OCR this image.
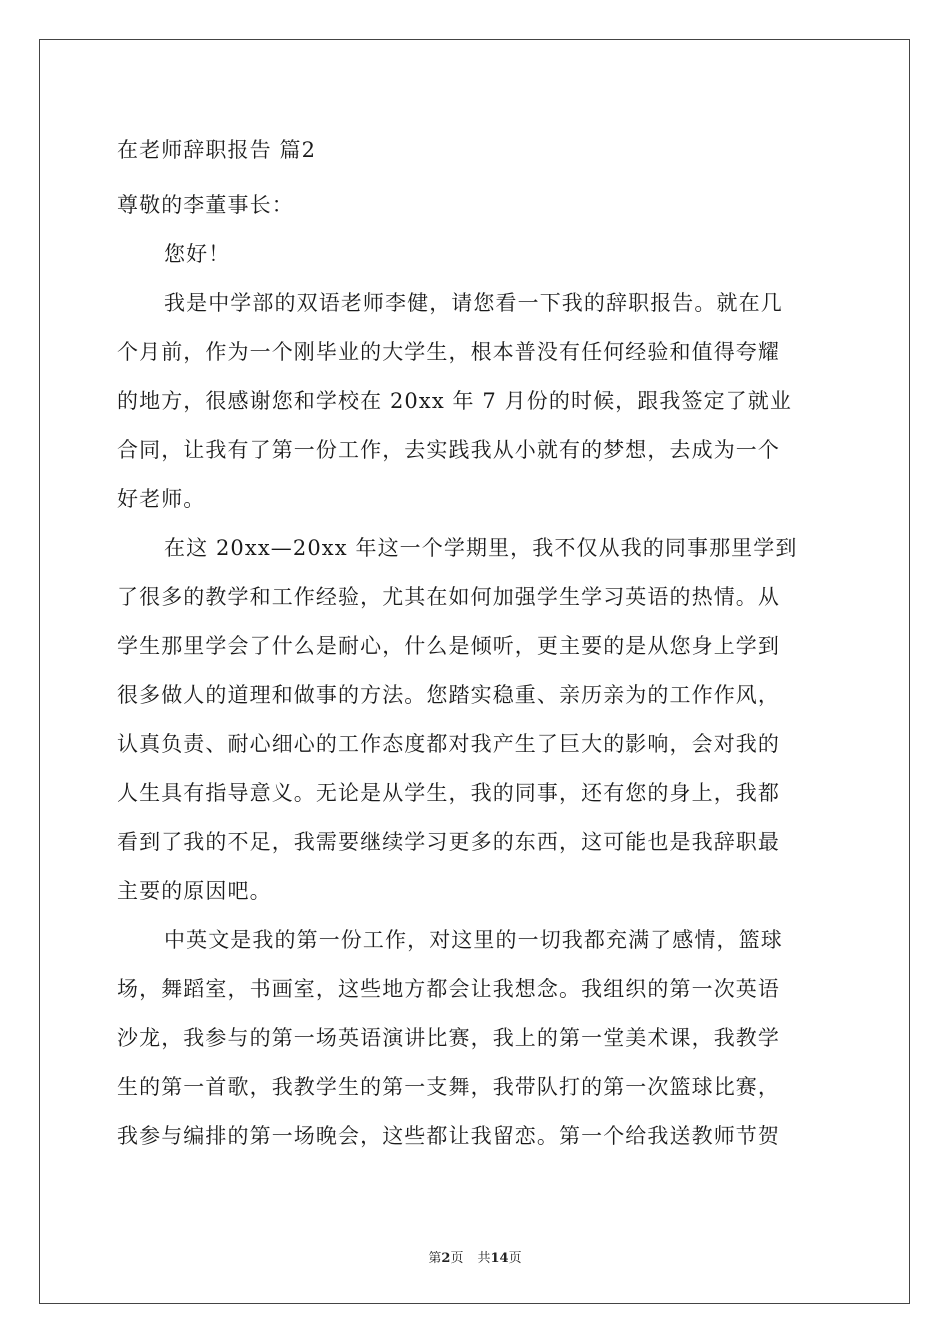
在老师辞职报告 篇2
尊敬的李董事长：
您好！
我是中学部的双语老师李健，请您看一下我的辞职报告。就在几
个月前，作为一个刚毕业的大学生，根本普没有任何经验和值得夸耀
的地方，很感谢您和学校在 20xx 年 7 月份的时候，跟我签定了就业
合同，让我有了第一份工作，去实践我从小就有的梦想，去成为一个
好老师。
在这 20xx—20xx 年这一个学期里，我不仅从我的同事那里学到
了很多的教学和工作经验，尤其在如何加强学生学习英语的热情。从
学生那里学会了什么是耐心，什么是倾听，更主要的是从您身上学到
很多做人的道理和做事的方法。您踏实稳重、亲历亲为的工作作风，
认真负责、耐心细心的工作态度都对我产生了巨大的影响，会对我的
人生具有指导意义。无论是从学生，我的同事，还有您的身上，我都
看到了我的不足，我需要继续学习更多的东西，这可能也是我辞职最
主要的原因吧。
中英文是我的第一份工作，对这里的一切我都充满了感情，篮球
场，舞蹈室，书画室，这些地方都会让我想念。我组织的第一次英语
沙龙，我参与的第一场英语演讲比赛，我上的第一堂美术课，我教学
生的第一首歌，我教学生的第一支舞，我带队打的第一次篮球比赛，
我参与编排的第一场晚会，这些都让我留恋。第一个给我送教师节贺
第2页 共14页
